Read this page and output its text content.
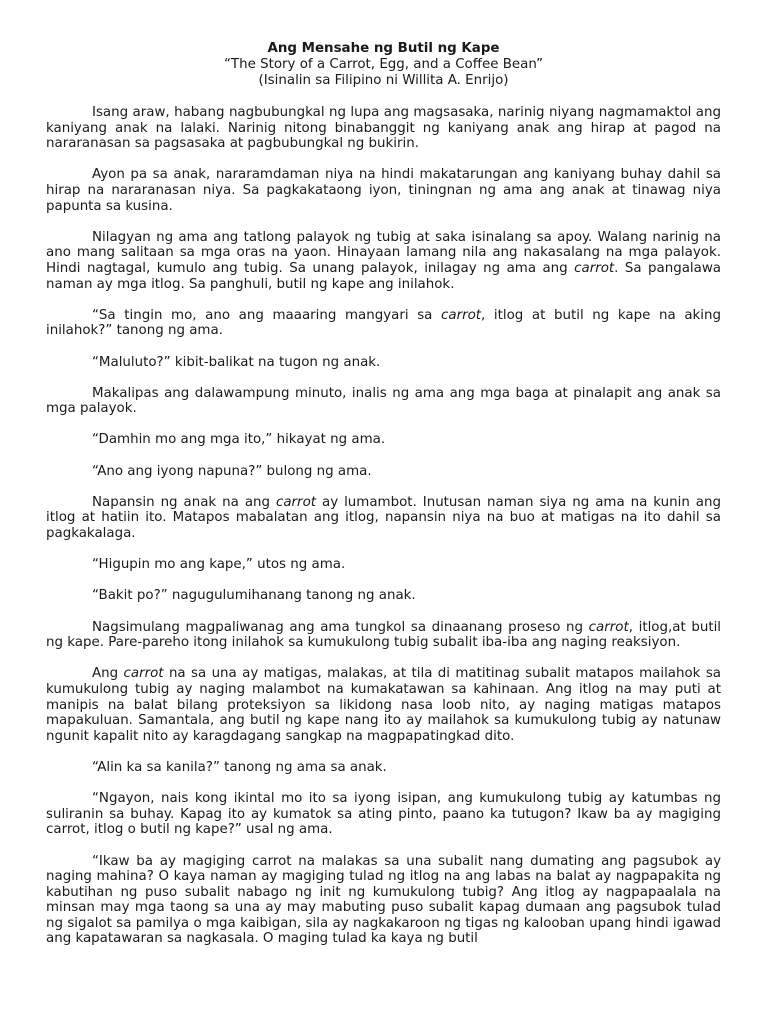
Ang Mensahe ng Butil ng Kape
“The Story of a Carrot, Egg, and a Coffee Bean”
(Isinalin sa Filipino ni Willita A. Enrijo)

Isang araw, habang nagbubungkal ng lupa ang magsasaka, narinig niyang nagmamaktol ang kaniyang anak na lalaki. Narinig nitong binabanggit ng kaniyang anak ang hirap at pagod na nararanasan sa pagsasaka at pagbubungkal ng bukirin.

Ayon pa sa anak, nararamdaman niya na hindi makatarungan ang kaniyang buhay dahil sa hirap na nararanasan niya. Sa pagkakataong iyon, tiningnan ng ama ang anak at tinawag niya papunta sa kusina.

Nilagyan ng ama ang tatlong palayok ng tubig at saka isinalang sa apoy. Walang narinig na ano mang salitaan sa mga oras na yaon. Hinayaan lamang nila ang nakasalang na mga palayok. Hindi nagtagal, kumulo ang tubig. Sa unang palayok, inilagay ng ama ang carrot. Sa pangalawa naman ay mga itlog. Sa panghuli, butil ng kape ang inilahok.

“Sa tingin mo, ano ang maaaring mangyari sa carrot, itlog at butil ng kape na aking inilahok?” tanong ng ama.

“Maluluto?” kibit-balikat na tugon ng anak.

Makalipas ang dalawampung minuto, inalis ng ama ang mga baga at pinalapit ang anak sa mga palayok.

“Damhin mo ang mga ito,” hikayat ng ama.

“Ano ang iyong napuna?” bulong ng ama.

Napansin ng anak na ang carrot ay lumambot. Inutusan naman siya ng ama na kunin ang itlog at hatiin ito. Matapos mabalatan ang itlog, napansin niya na buo at matigas na ito dahil sa pagkakalaga.

“Higupin mo ang kape,” utos ng ama.

“Bakit po?” nagugulumihanang tanong ng anak.

Nagsimulang magpaliwanag ang ama tungkol sa dinaanang proseso ng carrot, itlog,at butil ng kape. Pare-pareho itong inilahok sa kumukulong tubig subalit iba-iba ang naging reaksiyon.

Ang carrot na sa una ay matigas, malakas, at tila di matitinag subalit matapos mailahok sa kumukulong tubig ay naging malambot na kumakatawan sa kahinaan. Ang itlog na may puti at manipis na balat bilang proteksiyon sa likidong nasa loob nito, ay naging matigas matapos mapakuluan. Samantala, ang butil ng kape nang ito ay mailahok sa kumukulong tubig ay natunaw ngunit kapalit nito ay karagdagang sangkap na magpapatingkad dito.

“Alin ka sa kanila?” tanong ng ama sa anak.

“Ngayon, nais kong ikintal mo ito sa iyong isipan, ang kumukulong tubig ay katumbas ng suliranin sa buhay. Kapag ito ay kumatok sa ating pinto, paano ka tutugon? Ikaw ba ay magiging carrot, itlog o butil ng kape?” usal ng ama.

“Ikaw ba ay magiging carrot na malakas sa una subalit nang dumating ang pagsubok ay naging mahina? O kaya naman ay magiging tulad ng itlog na ang labas na balat ay nagpapakita ng kabutihan ng puso subalit nabago ng init ng kumukulong tubig? Ang itlog ay nagpapaalala na minsan may mga taong sa una ay may mabuting puso subalit kapag dumaan ang pagsubok tulad ng sigalot sa pamilya o mga kaibigan, sila ay nagkakaroon ng tigas ng kalooban upang hindi igawad ang kapatawaran sa nagkasala. O maging tulad ka kaya ng butil
